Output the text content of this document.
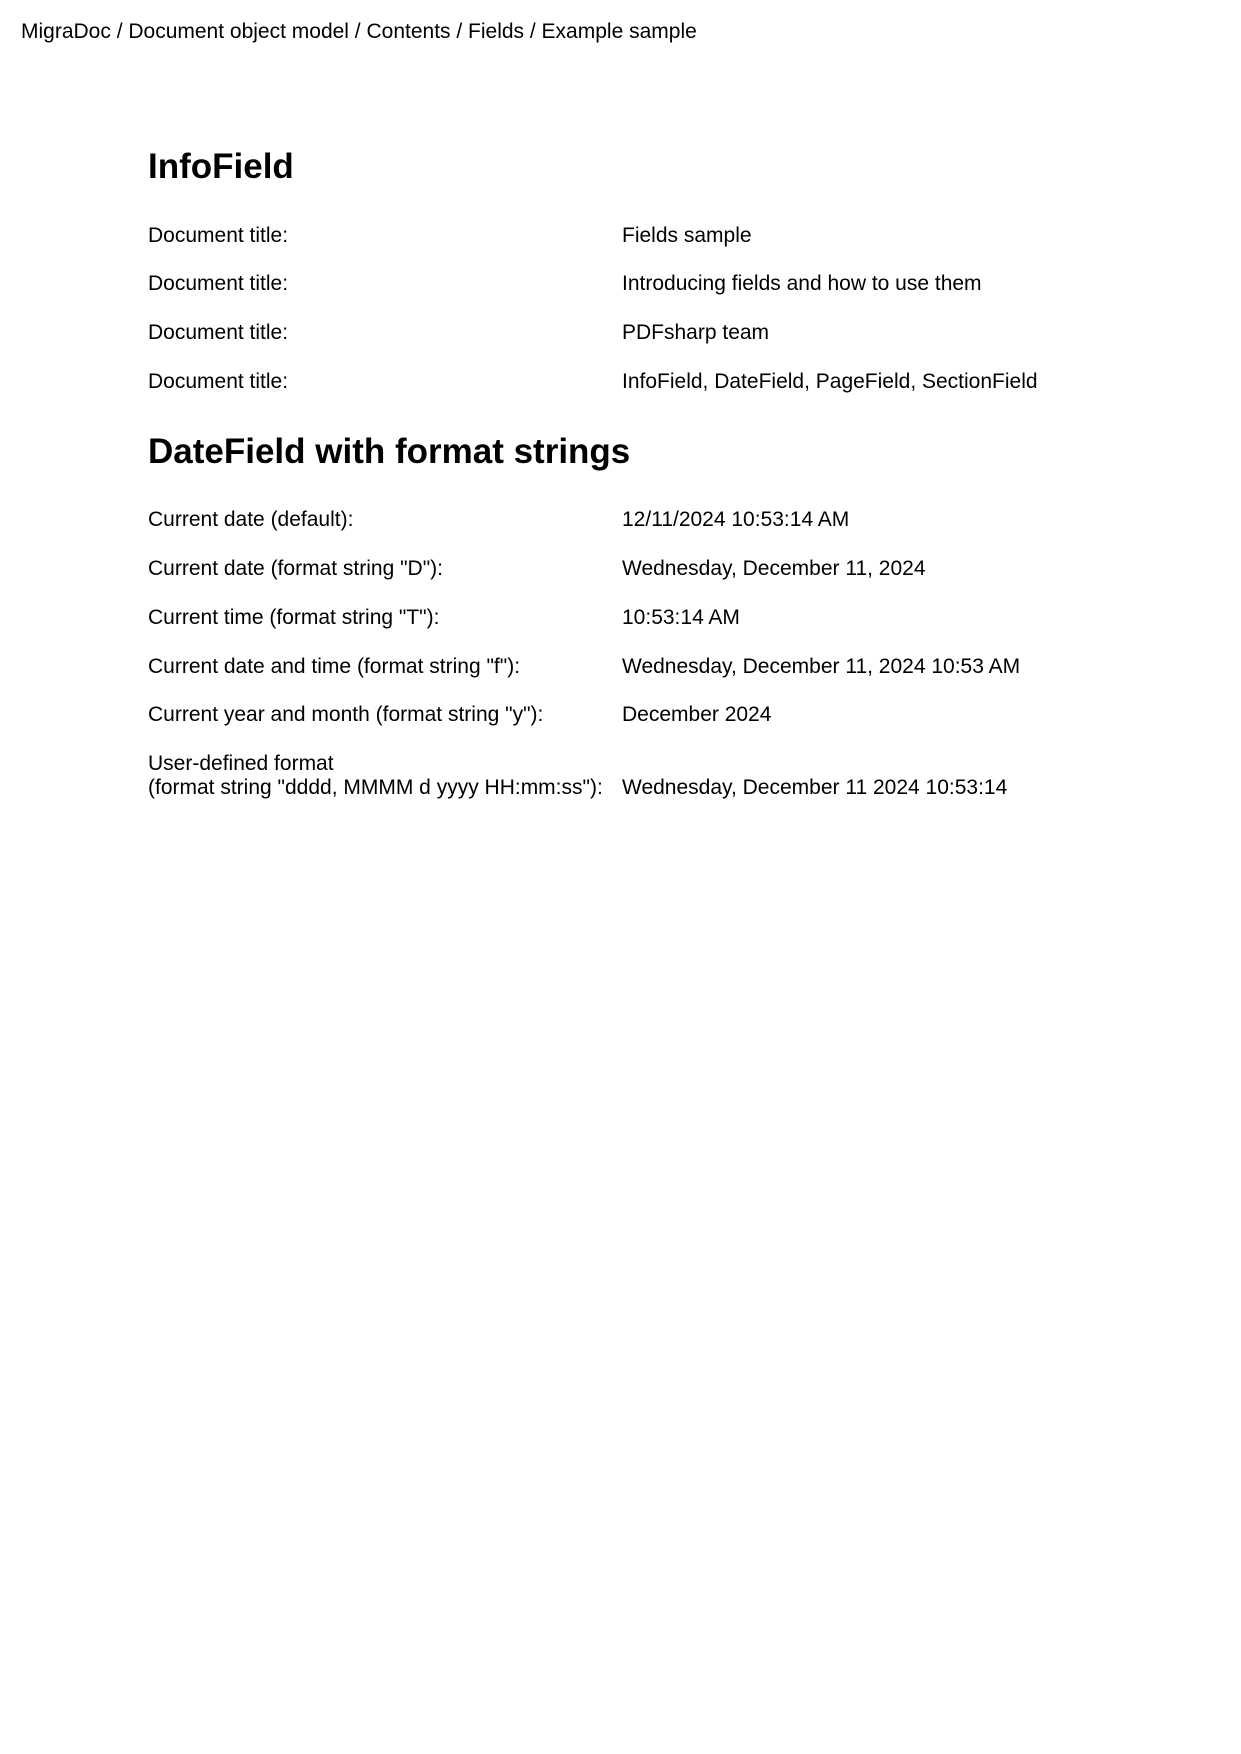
MigraDoc / Document object model / Contents / Fields / Example sample
InfoField
Document title:	Fields sample
Document title:	Introducing fields and how to use them
Document title:	PDFsharp team
Document title:	InfoField, DateField, PageField, SectionField
DateField with format strings
Current date (default):	12/11/2024 10:53:14 AM
Current date (format string "D"):	Wednesday, December 11, 2024
Current time (format string "T"):	10:53:14 AM
Current date and time (format string "f"):	Wednesday, December 11, 2024 10:53 AM
Current year and month (format string "y"):	December 2024
User-defined format
(format string "dddd, MMMM d yyyy HH:mm:ss"): Wednesday, December 11 2024 10:53:14
